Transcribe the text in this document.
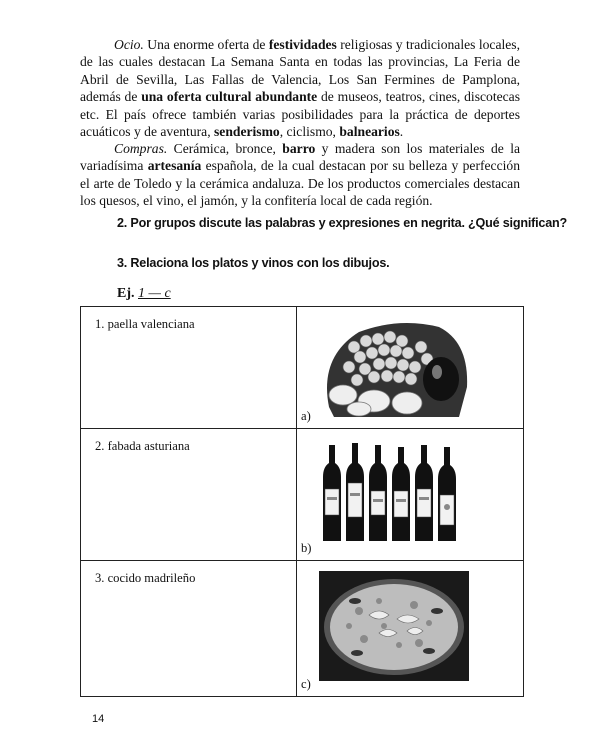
Ocio. Una enorme oferta de festividades religiosas y tradicionales locales, de las cuales destacan La Semana Santa en todas las provincias, La Feria de Abril de Sevilla, Las Fallas de Valencia, Los San Fermines de Pamplona, además de una oferta cultural abundante de museos, teatros, cines, discotecas etc. El país ofrece también varias posibilidades para la práctica de deportes acuáticos y de aventura, senderismo, ciclismo, balnearios.

Compras. Cerámica, bronce, barro y madera son los materiales de la variadísima artesanía española, de la cual destacan por su belleza y perfección el arte de Toledo y la cerámica andaluza. De los productos comerciales destacan los quesos, el vino, el jamón, y la confitería local de cada región.

2. Por grupos discute las palabras y expresiones en negrita. ¿Qué significan?

3. Relaciona los platos y vinos con los dibujos.

Ej. 1 — c

1. paella valenciana	a)

2. fabada asturiana	b)

3. cocido madrileño	c)
14
